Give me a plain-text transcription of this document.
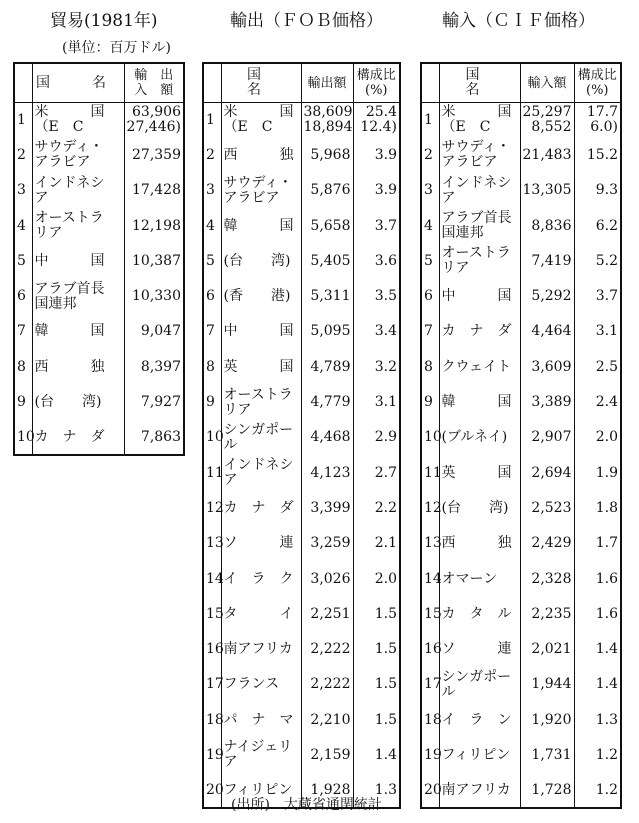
貿易(1981年)	輸出（ＦＯＢ価格）	輸入（ＣＩＦ価格）
(単位：百万ドル)
	国　名	輸　出
入　額

1	米　　　国
（E　C	63,906
27,446)

2	サウディ・
アラビア	27,359

3	インドネシ
ア	17,428

4	オーストラ
リア	12,198

5	中　　　国	10,387

6	アラブ首長
国連邦	10,330

7	韓　　　国	9,047

8	西　　　独	8,397

9	(台　　湾)	7,927

10	カ　ナ　ダ	7,863
	国　名	輸出額	構成比
(%)

1	米　　　国
（E　C	38,609
18,894	25.4
12.4)

2	西　　　独	5,968	3.9

3	サウディ・
アラビア	5,876	3.9

4	韓　　　国	5,658	3.7

5	(台　　湾)	5,405	3.6

6	(香　　港)	5,311	3.5

7	中　　　国	5,095	3.4

8	英　　　国	4,789	3.2

9	オーストラ
リア	4,779	3.1

10	シンガポー
ル	4,468	2.9

11	インドネシ
ア	4,123	2.7

12	カ　ナ　ダ	3,399	2.2

13	ソ　　　連	3,259	2.1

14	イ　ラ　ク	3,026	2.0

15	タ　　　イ	2,251	1.5

16	南アフリカ	2,222	1.5

17	フランス	2,222	1.5

18	パ　ナ　マ	2,210	1.5

19	ナイジェリ
ア	2,159	1.4

20	フィリピン	1,928	1.3
	国　名	輸入額	構成比
(%)

1	米　　　国
（E　C	25,297
8,552	17.7
6.0)

2	サウディ・
アラビア	21,483	15.2

3	インドネシ
ア	13,305	9.3

4	アラブ首長
国連邦	8,836	6.2

5	オーストラ
リア	7,419	5.2

6	中　　　国	5,292	3.7

7	カ　ナ　ダ	4,464	3.1

8	クウェイト	3,609	2.5

9	韓　　　国	3,389	2.4

10	(ブルネイ)	2,907	2.0

11	英　　　国	2,694	1.9

12	(台　　湾)	2,523	1.8

13	西　　　独	2,429	1.7

14	オマーン	2,328	1.6

15	カ　タ　ル	2,235	1.6

16	ソ　　　連	2,021	1.4

17	シンガポー
ル	1,944	1.4

18	イ　ラ　ン	1,920	1.3

19	フィリピン	1,731	1.2

20	南アフリカ	1,728	1.2
(出所)　大蔵省通関統計
